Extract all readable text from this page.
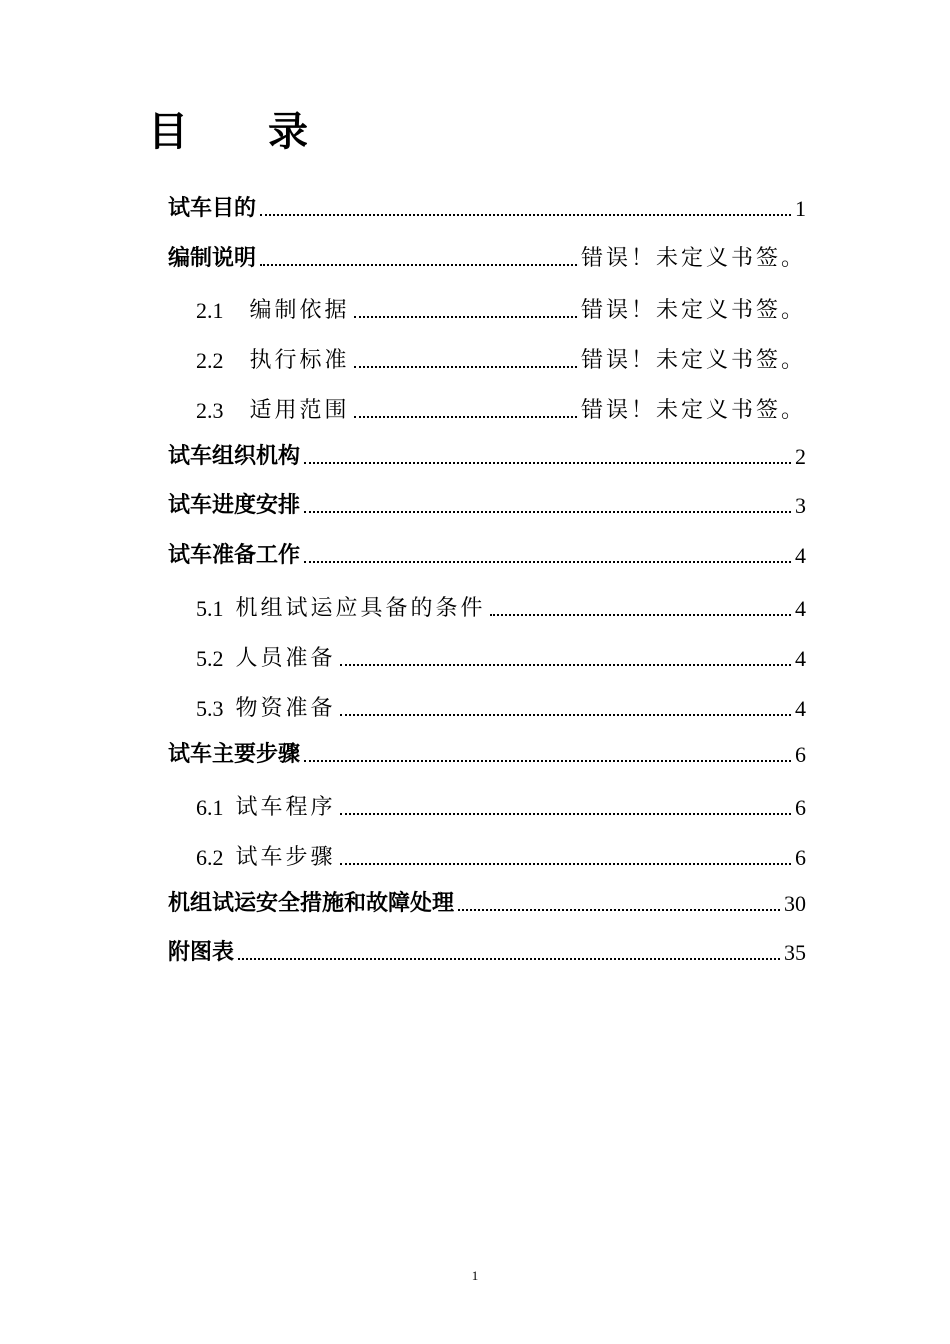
目 录
试车目的	1
编制说明	错误！未定义书签。
2.1 编制依据	错误！未定义书签。
2.2 执行标准	错误！未定义书签。
2.3 适用范围	错误！未定义书签。
试车组织机构	2
试车进度安排	3
试车准备工作	4
5.1 机组试运应具备的条件	4
5.2 人员准备	4
5.3 物资准备	4
试车主要步骤	6
6.1 试车程序	6
6.2 试车步骤	6
机组试运安全措施和故障处理	30
附图表	35
1
